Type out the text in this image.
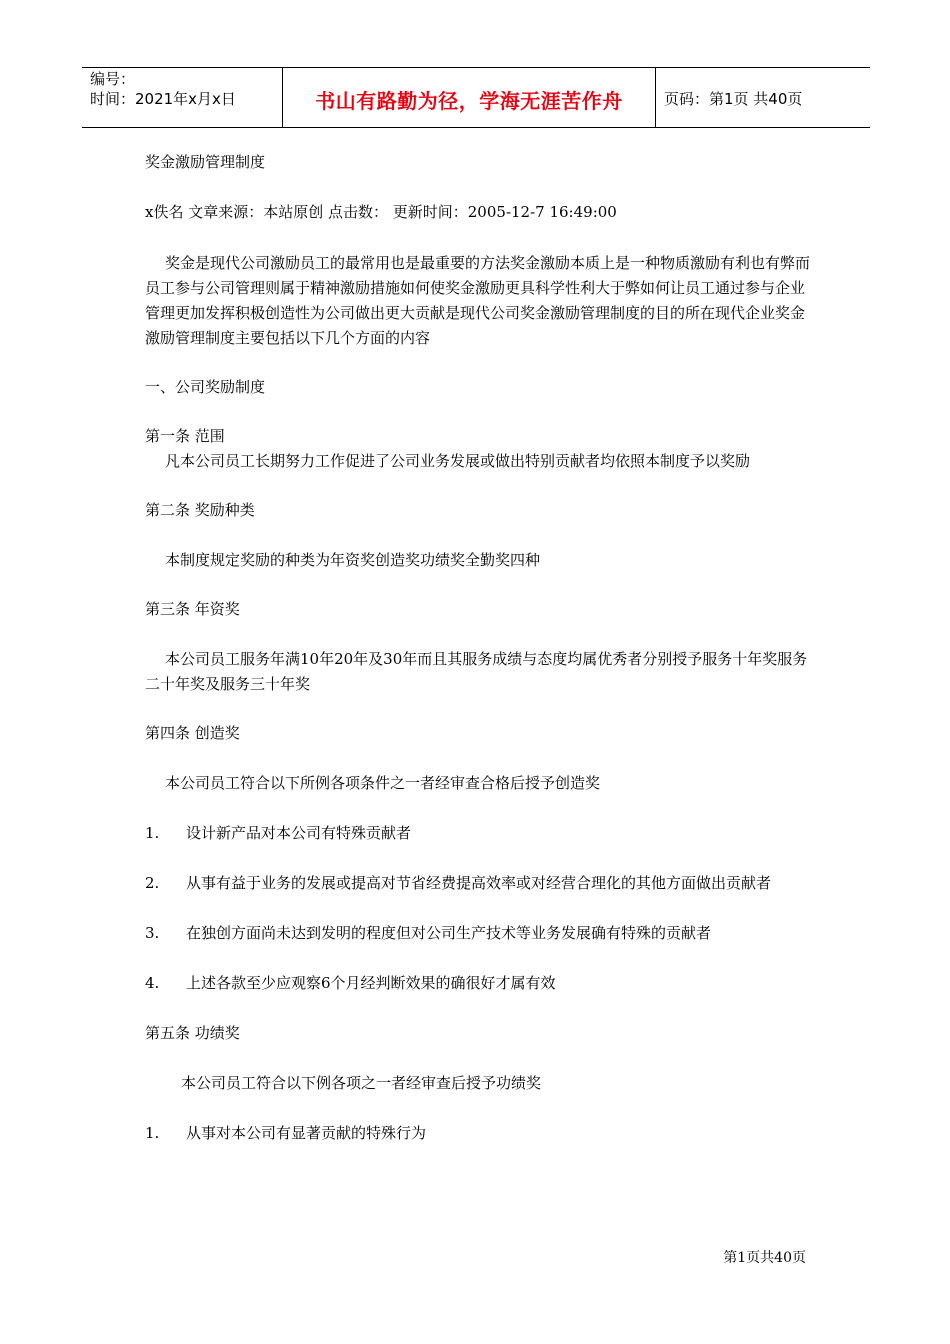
编号：
时间：2021年x月x日	书山有路勤为径，学海无涯苦作舟	页码：第1页 共40页

奖金激励管理制度

x佚名 文章来源：本站原创 点击数： 更新时间：2005-12-7 16:49:00

奖金是现代公司激励员工的最常用也是最重要的方法奖金激励本质上是一种物质激励有利也有弊而员工参与公司管理则属于精神激励措施如何使奖金激励更具科学性利大于弊如何让员工通过参与企业管理更加发挥积极创造性为公司做出更大贡献是现代公司奖金激励管理制度的目的所在现代企业奖金激励管理制度主要包括以下几个方面的内容

一、公司奖励制度

第一条 范围

凡本公司员工长期努力工作促进了公司业务发展或做出特别贡献者均依照本制度予以奖励

第二条 奖励种类

本制度规定奖励的种类为年资奖创造奖功绩奖全勤奖四种

第三条 年资奖

本公司员工服务年满10年20年及30年而且其服务成绩与态度均属优秀者分别授予服务十年奖服务二十年奖及服务三十年奖

第四条 创造奖

本公司员工符合以下所例各项条件之一者经审查合格后授予创造奖

1. 设计新产品对本公司有特殊贡献者

2. 从事有益于业务的发展或提高对节省经费提高效率或对经营合理化的其他方面做出贡献者

3. 在独创方面尚未达到发明的程度但对公司生产技术等业务发展确有特殊的贡献者

4. 上述各款至少应观察6个月经判断效果的确很好才属有效

第五条 功绩奖

本公司员工符合以下例各项之一者经审查后授予功绩奖

1. 从事对本公司有显著贡献的特殊行为

第1页共40页
